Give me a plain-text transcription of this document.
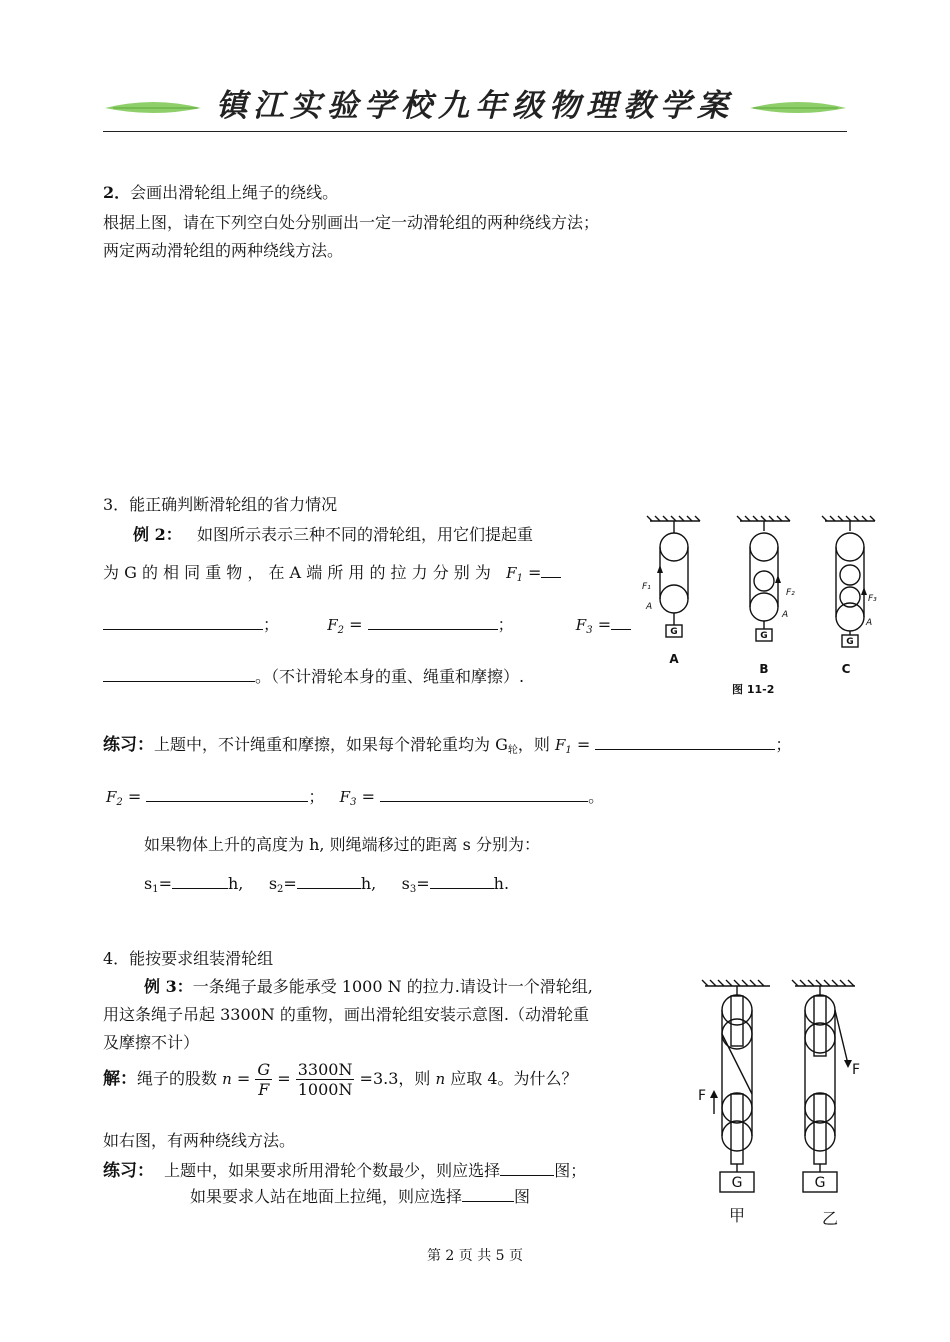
镇江实验学校九年级物理教学案
2．会画出滑轮组上绳子的绕线。
根据上图，请在下列空白处分别画出一定一动滑轮组的两种绕线方法；
两定两动滑轮组的两种绕线方法。
3．能正确判断滑轮组的省力情况
例 2： 如图所示表示三种不同的滑轮组，用它们提起重
为 G 的 相 同 重 物 ， 在 A 端 所 用 的 拉 力 分 别 为 $F_1$ =
；	$F_2$ =	；	$F_3$ =
。（不计滑轮本身的重、绳重和摩擦）.
F₁
A
F₂
A
F₃
A
G	G
G
A
B	C
图 11-2
练习：上题中，不计绳重和摩擦，如果每个滑轮重均为 $G_轮$，则 $F_1$ =	；
$F_2$ =	； $F_3$ =	。
如果物体上升的高度为 h, 则绳端移过的距离 s 分别为：
$s_1=$	h, $s_2=$	h, $s_3=$	h.
4．能按要求组装滑轮组
例 3：一条绳子最多能承受 1000 N 的拉力.请设计一个滑轮组,
用这条绳子吊起 3300N 的重物，画出滑轮组安装示意图.（动滑轮重
及摩擦不计）
解：绳子的股数 $n = \frac{G}{F} = \frac{3300N}{1000N} =3.3$，则 n 应取 4。为什么？
如右图，有两种绕线方法。
练习： 上题中，如果要求所用滑轮个数最少，则应选择	图；
如果要求人站在地面上拉绳，则应选择	图
F
F
G	G
甲	乙
第 2 页 共 5 页
